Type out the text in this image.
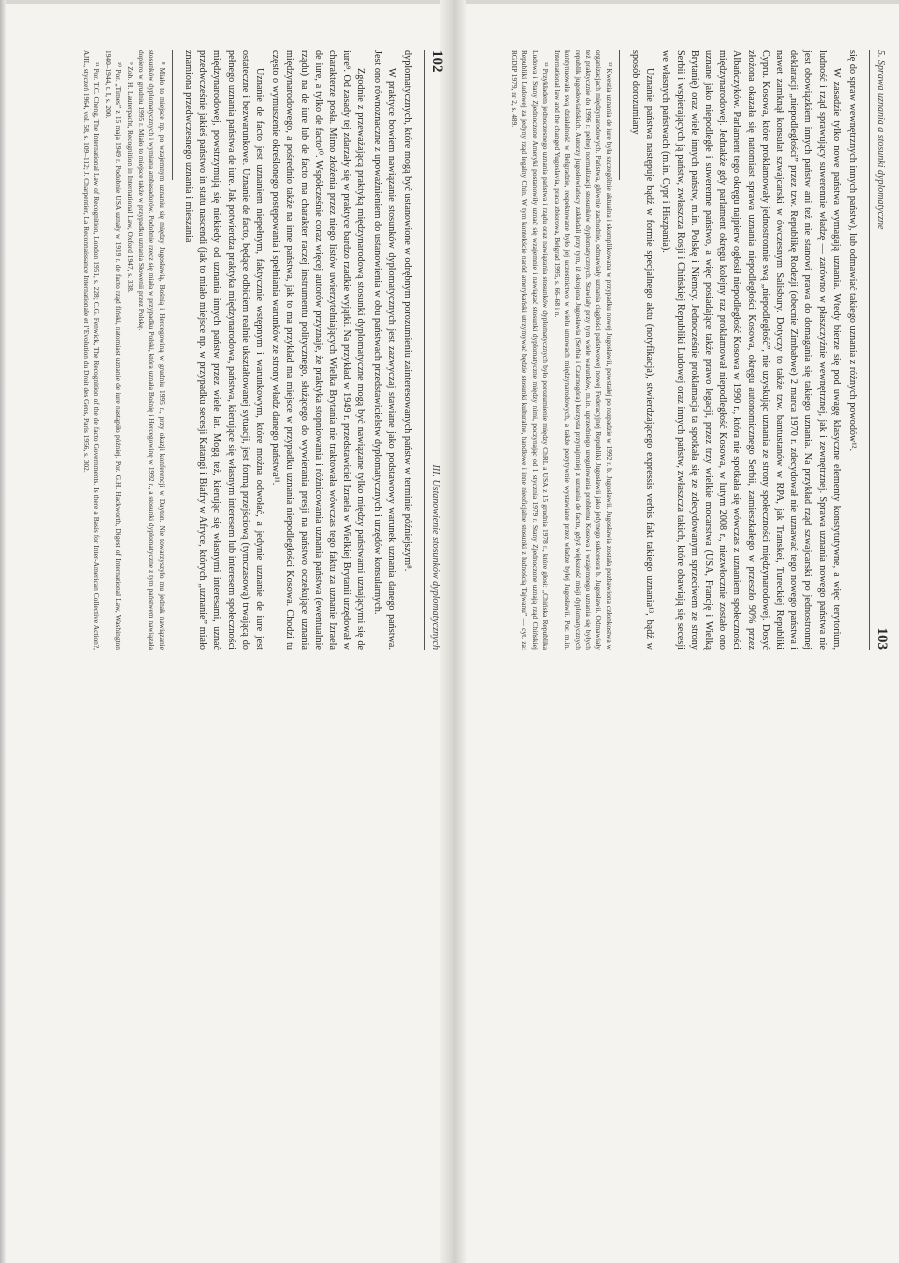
102
III. Ustanowienie stosunków dyplomatycznych

dyplomatycznych, które mogą być ustanowione w odrębnym porozumieniu zainteresowanych państw w terminie późniejszym⁸.

W praktyce bowiem nawiązanie stosunków dyplomatycznych jest zazwyczaj stawiane jako podstawowy warunek uznania danego państwa. Jest ono równoznaczne z upoważnieniem do ustanowienia w obu państwach przedstawicielstw dyplomatycznych i urzędów konsularnych.

Zgodnie z przeważającą praktyką międzynarodową stosunki dyplomatyczne mogą być nawiązane tylko między państwami uznającymi się de iure⁹. Od zasady tej zdarzały się w praktyce bardzo rzadkie wyjątki. Na przykład w 1949 r. przedstawiciel Izraela w Wielkiej Brytanii urzędował w charakterze posła. Mimo złożenia przez niego listów uwierzytelniających Wielka Brytania nie traktowała wówczas tego faktu za uznanie Izraela de iure, a tylko de facto¹⁰. Współcześnie coraz więcej autorów przyznaje, że praktyka stopniowania i różnicowania uznania państwa (ewentualnie rządu) na de iure lub de facto ma charakter raczej instrumentu politycznego, służącego do wywierania presji na państwo oczekujące uznania międzynarodowego, a pośrednio także na inne państwa, jak to ma przykład ma miejsce w przypadku uznania niepodległości Kosowa. Chodzi tu często o wymuszenie określonego postępowania i spełniania warunków ze strony władz danego państwa¹¹.

Uznanie de facto jest uznaniem niepełnym, faktycznie wstępnym i warunkowym, które można odwołać, a jedynie uznanie de iure jest ostateczne i bezwarunkowe. Uznanie de facto, będące odbiciem realnie ukształtowanej sytuacji, jest formą przejściową (tymczasową) trwającą do pełnego uznania państwa de iure. Jak potwierdza praktyka międzynarodowa, państwa, kierujące się własnym interesem lub interesem społeczności międzynarodowej, powstrzymują się niekiedy od uznania innych państw przez wiele lat. Mogą też, kierując się własnymi interesami, uznać przedwcześnie jakieś państwo in statu nascendi (jak to miało miejsce np. w przypadku secesji Katangi i Biafry w Afryce, których „uznanie” miało znamiona przedwczesnego uznania i mieszania

⁸ Miało to miejsce np. po wzajemnym uznaniu się między Jugosławią, Bośnią i Hercegowiną w grudniu 1995 r., przy okazji konferencji w Dayton. Nie towarzyszyło mu jednak nawiązanie stosunków dyplomatycznych i wymiana ambasadorów. Podobnie rzecz się miała w przypadku Polski, która uznała Bośnię i Hercegowinę w 1992 r., a stosunki dyplomatyczne z tym państwem nawiązała dopiero w grudniu 1995 r. Miało to miejsce także w przypadku uznania Słowenii przez Polskę.

⁹ Zob. H. Lauterpacht, Recognition in International Law, Oxford 1947, s. 338.

¹⁰ Por. „Times” z 15 maja 1949 r. Podobnie USA uznały w 1919 r. de facto rząd fiński, natomiast uznanie de iure nastąpiło później. Por. G.H. Hackworth, Digest of International Law, Washington 1940–1944, t. I, s. 200.

¹¹ Por. T.C. Cheng, The International Law of Recognition, London 1951, s. 228; C.G. Fenwick, The Recognition of the de facto Governments. Is there a Basis for Inter-American Collective Action?, AJIL, styczeń 1964, vol. 58, s. 109–112; J. Charpentier, La Reconnaissance Internationale et l’Evolution du Droit des Gens, Paris 1956, s. 302.	5. Sprawa uznania a stosunki dyplomatyczne
103

się do spraw wewnętrznych innych państw), lub odmawiać takiego uznania z różnych powodów¹².

W zasadzie tylko nowe państwa wymagają uznania. Wtedy bierze się pod uwagę klasyczne elementy konstytutywne, a więc terytorium, ludność i rząd sprawujący suwerennie władzę — zarówno w płaszczyźnie wewnętrznej, jak i zewnętrznej. Sprawa uznania nowego państwa nie jest obowiązkiem innych państw ani też nie stanowi prawa do domagania się takiego uznania. Na przykład rząd szwajcarski po jednostronnej deklaracji „niepodległości” przez tzw. Republikę Rodezji (obecnie Zimbabwe) 2 marca 1970 r. zdecydował nie uznawać tego nowego państwa i nawet zamknął konsulat szwajcarski w ówczesnym Salisbury. Dotyczy to także tzw. bantustanów w RPA, jak Transkei, Tureckiej Republiki Cypru. Kosowa, które proklamowały jednostronnie swą „niepodległość”, nie uzyskując uznania ze strony społeczności międzynarodowej. Dosyć złożona okazała się natomiast sprawa uznania niepodległości Kosowa, okręgu autonomicznego Serbii, zamieszkałego w przeszło 90% przez Albańczyków. Parlament tego okręgu najpierw ogłosił niepodległość Kosowa w 1990 r., która nie spotkała się wówczas z uznaniem społeczności międzynarodowej. Jednakże gdy parlament okręgu kolejny raz proklamował niepodległość Kosowa, w lutym 2008 r., niezwłocznie zostało ono uznane jako niepodległe i suwerenne państwo, a więc posiadające także prawo legacji, przez trzy wielkie mocarstwa (USA, Francję i Wielką Brytanię) oraz wiele innych państw, m.in. Polskę i Niemcy. Jednocześnie proklamacja ta spotkała się ze zdecydowanym sprzeciwem ze strony Serbii i wspierających ją państw, zwłaszcza Rosji i Chińskiej Republiki Ludowej oraz innych państw, zwłaszcza takich, które obawiają się secesji we własnych państwach (m.in. Cypr i Hiszpania).

Uznanie państwa następuje bądź w formie specjalnego aktu (notyfikacja), stwierdzającego expressis verbis fakt takiego uznania¹³, bądź w sposób dorozumiany

¹² Kwestia uznania de iure była szczególnie aktualna i skomplikowana w przypadku nowej Jugosławii, powstałej po rozpadzie w 1992 r. b. Jugosławii. Jugosławia została pozbawiona członkostwa w organizacjach międzynarodowych. Państwa, głównie zachodnie, odmawiały uznania ciągłości państwowej nowej Federacyjnej Republiki Jugosławii jako jedynego sukcesora b. Jugosławii. Odmawiały też praktycznie do 1996 r. pełnej normalizacji stosunków dyplomatycznych. Stawiały przy tym wiele warunków, m.in. uprzedniego uregulowania problemu Kosowa i wzajemnego uznania się byłych republik jugosłowiańskich. Autorzy jugosłowiańscy zakładali przy tym, iż okrojona Jugosławia (Serbia i Czarnogóra) korzysta przynajmniej z uznania de facto, gdyż większość misji dyplomatycznych kontynuowała swą działalność w Belgradzie, respektowane było jej uczestnictwo w wielu umowach międzynarodowych, a także pozytywnie wystawiane przez władze byłej Jugosławii. Por. m.in. International law and the changed Yugoslavia, praca zbiorowa, Belgrad 1995, s. 66–68 i n.

¹³ Przykładem jednoczesnego uznania państwa i rządu oraz nawiązania stosunków dyplomatycznych było porozumienie między ChRL a USA z 15 grudnia 1978 r., które głosi: „Chińska Republika Ludowa i Stany Zjednoczone Ameryki postanowiły uznać się wzajemnie i nawiązać stosunki dyplomatyczne między nimi, poczynając od 1 stycznia 1979 r. Stany Zjednoczone uznają rząd Chińskiej Republiki Ludowej za jedyny rząd legalny Chin. W tym kontekście naród amerykański utrzymywać będzie stosunki kulturalne, handlowe i inne nieoficjalne stosunki z ludnością Tajwanu” — cyt. za: RGDIP 1979, nr 2, s. 489.
